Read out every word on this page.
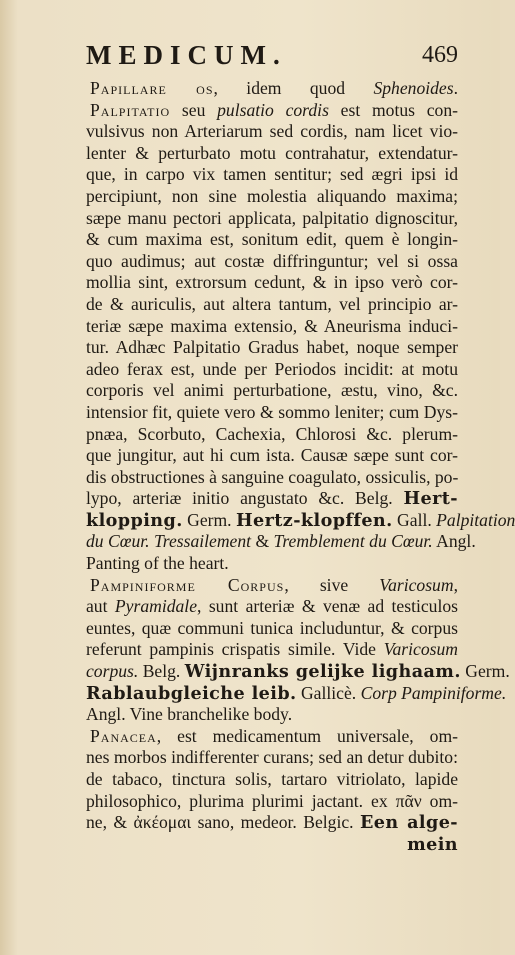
MEDICUM.	469
Papillare os, idem quod Sphenoides.
Palpitatio seu pulsatio cordis est motus con-
vulsivus non Arteriarum sed cordis, nam licet vio-
lenter & perturbato motu contrahatur, extendatur-
que, in carpo vix tamen sentitur; sed ægri ipsi id
percipiunt, non sine molestia aliquando maxima;
sæpe manu pectori applicata, palpitatio dignoscitur,
& cum maxima est, sonitum edit, quem è longin-
quo audimus; aut costæ diffringuntur; vel si ossa
mollia sint, extrorsum cedunt, & in ipso verò cor-
de & auriculis, aut altera tantum, vel principio ar-
teriæ sæpe maxima extensio, & Aneurisma induci-
tur. Adhæc Palpitatio Gradus habet, noque semper
adeo ferax est, unde per Periodos incidit: at motu
corporis vel animi perturbatione, æstu, vino, &c.
intensior fit, quiete vero & sommo leniter; cum Dys-
pnæa, Scorbuto, Cachexia, Chlorosi &c. plerum-
que jungitur, aut hi cum ista. Causæ sæpe sunt cor-
dis obstructiones à sanguine coagulato, ossiculis, po-
lypo, arteriæ initio angustato &c. Belg. Hert-
klopping. Germ. Hertz-klopffen. Gall. Palpitation
du Cœur. Tressailement & Tremblement du Cœur. Angl.
Panting of the heart.
Pampiniforme Corpus, sive Varicosum,
aut Pyramidale, sunt arteriæ & venæ ad testiculos
euntes, quæ communi tunica includuntur, & corpus
referunt pampinis crispatis simile. Vide Varicosum
corpus. Belg. Wijnranks gelijke lighaam. Germ.
Rablaubgleiche leib. Gallicè. Corp Pampiniforme.
Angl. Vine branchelike body.
Panacea, est medicamentum universale, om-
nes morbos indifferenter curans; sed an detur dubito:
de tabaco, tinctura solis, tartaro vitriolato, lapide
philosophico, plurima plurimi jactant. ex πᾶν om-
ne, & ἀκέομαι sano, medeor. Belgic. Een alge-
mein
